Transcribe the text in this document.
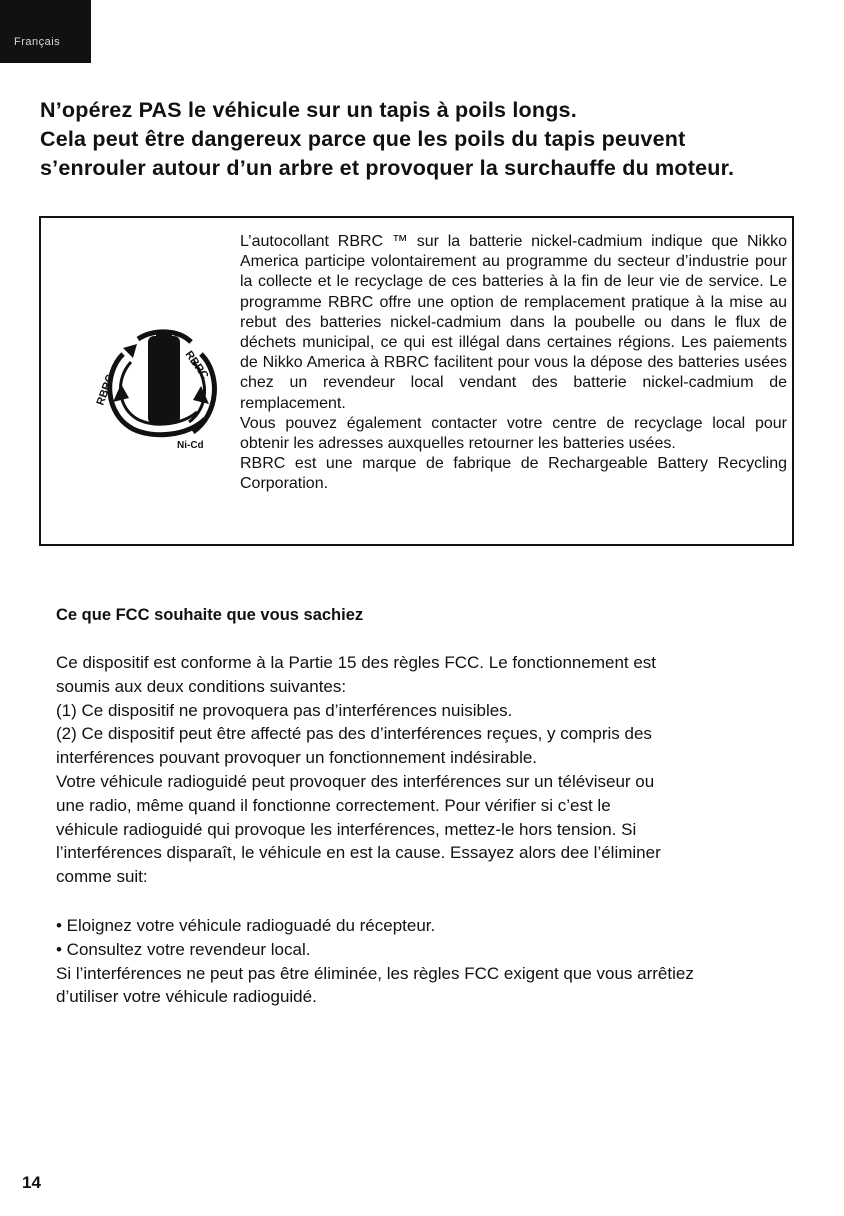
Français
N’opérez PAS le véhicule sur un tapis à poils longs.
Cela peut être dangereux parce que les poils du tapis peuvent
s’enrouler autour d’un arbre et provoquer la surchauffe du moteur.
RBRC
RBRC
Ni-Cd

L’autocollant RBRC ™ sur la batterie nickel-cadmium indique que Nikko America participe volontairement au programme du secteur d’industrie pour la collecte et le recyclage de ces batteries à la fin de leur vie de service. Le programme RBRC offre une option de remplacement pratique à la mise au rebut des batteries nickel-cadmium dans la poubelle ou dans le flux de déchets municipal, ce qui est illégal dans certaines régions. Les paiements de Nikko America à RBRC facilitent pour vous la dépose des batteries usées chez un revendeur local vendant des batterie nickel-cadmium de remplacement.

Vous pouvez également contacter votre centre de recyclage local pour obtenir les adresses auxquelles retourner les batteries usées.

RBRC est une marque de fabrique de Rechargeable Battery Recycling Corporation.

Ce que FCC souhaite que vous sachiez
Ce dispositif est conforme à la Partie 15 des règles FCC. Le fonctionnement est
soumis aux deux conditions suivantes:
(1) Ce dispositif ne provoquera pas d’interférences nuisibles.
(2) Ce dispositif peut être affecté pas des d’interférences reçues, y compris des
interférences pouvant provoquer un fonctionnement indésirable.
Votre véhicule radioguidé peut provoquer des interférences sur un téléviseur ou
une radio, même quand il fonctionne correctement. Pour vérifier si c’est le
véhicule radioguidé qui provoque les interférences, mettez-le hors tension. Si
l’interférences disparaît, le véhicule en est la cause. Essayez alors dee l’éliminer
comme suit:
• Eloignez votre véhicule radioguadé du récepteur.
• Consultez votre revendeur local.
Si l’interférences ne peut pas être éliminée, les règles FCC exigent que vous arrêtiez
d’utiliser votre véhicule radioguidé.
14
